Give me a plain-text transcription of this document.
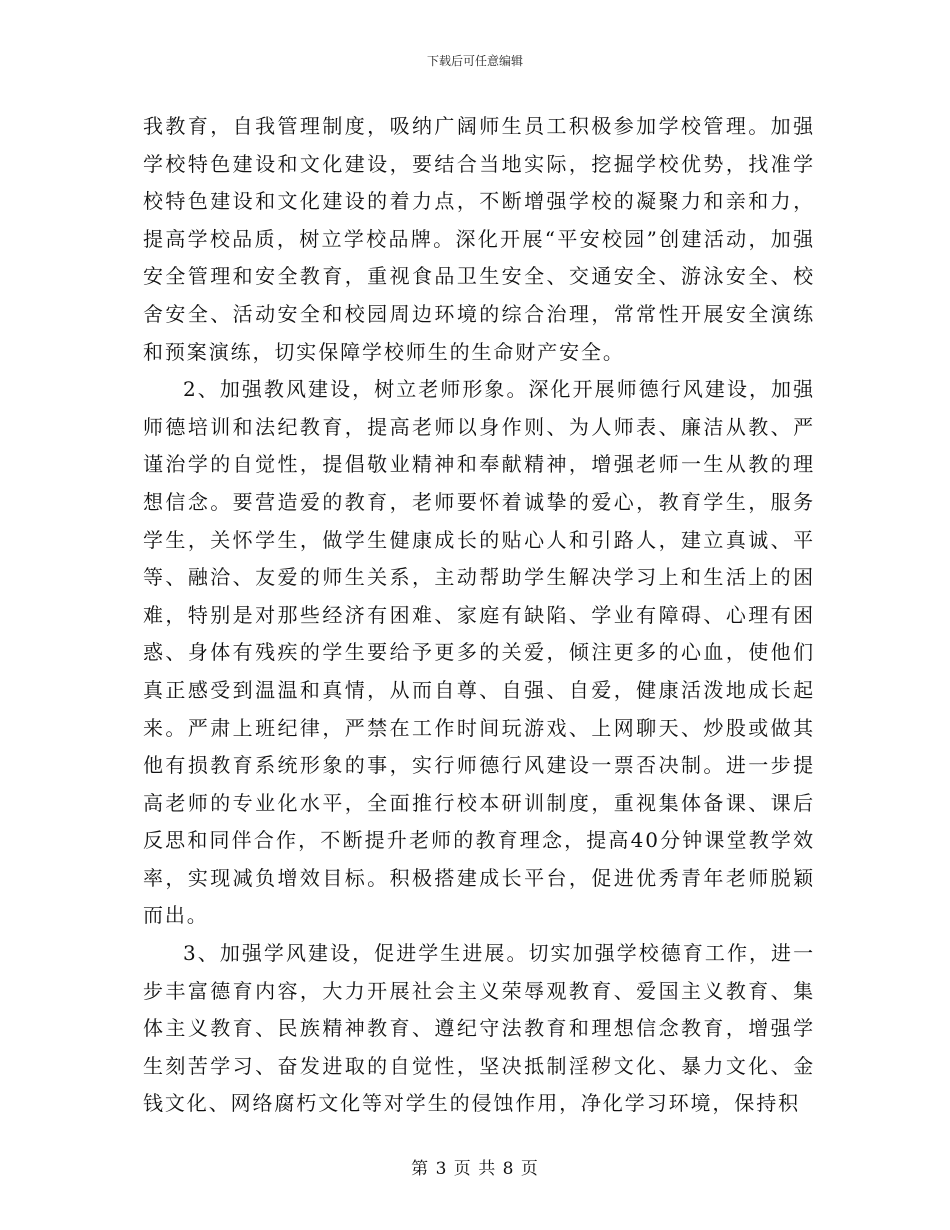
下载后可任意编辑

我教育，自我管理制度，吸纳广阔师生员工积极参加学校管理。加强学校特色建设和文化建设，要结合当地实际，挖掘学校优势，找准学校特色建设和文化建设的着力点，不断增强学校的凝聚力和亲和力，提高学校品质，树立学校品牌。深化开展“平安校园”创建活动，加强安全管理和安全教育，重视食品卫生安全、交通安全、游泳安全、校舍安全、活动安全和校园周边环境的综合治理，常常性开展安全演练和预案演练，切实保障学校师生的生命财产安全。

2、加强教风建设，树立老师形象。深化开展师德行风建设，加强师德培训和法纪教育，提高老师以身作则、为人师表、廉洁从教、严谨治学的自觉性，提倡敬业精神和奉献精神，增强老师一生从教的理想信念。要营造爱的教育，老师要怀着诚挚的爱心，教育学生，服务学生，关怀学生，做学生健康成长的贴心人和引路人，建立真诚、平等、融洽、友爱的师生关系，主动帮助学生解决学习上和生活上的困难，特别是对那些经济有困难、家庭有缺陷、学业有障碍、心理有困惑、身体有残疾的学生要给予更多的关爱，倾注更多的心血，使他们真正感受到温温和真情，从而自尊、自强、自爱，健康活泼地成长起来。严肃上班纪律，严禁在工作时间玩游戏、上网聊天、炒股或做其他有损教育系统形象的事，实行师德行风建设一票否决制。进一步提高老师的专业化水平，全面推行校本研训制度，重视集体备课、课后反思和同伴合作，不断提升老师的教育理念，提高40分钟课堂教学效率，实现减负增效目标。积极搭建成长平台，促进优秀青年老师脱颖而出。

3、加强学风建设，促进学生进展。切实加强学校德育工作，进一步丰富德育内容，大力开展社会主义荣辱观教育、爱国主义教育、集体主义教育、民族精神教育、遵纪守法教育和理想信念教育，增强学生刻苦学习、奋发进取的自觉性，坚决抵制淫秽文化、暴力文化、金钱文化、网络腐朽文化等对学生的侵蚀作用，净化学习环境，保持积

第 3 页 共 8 页
